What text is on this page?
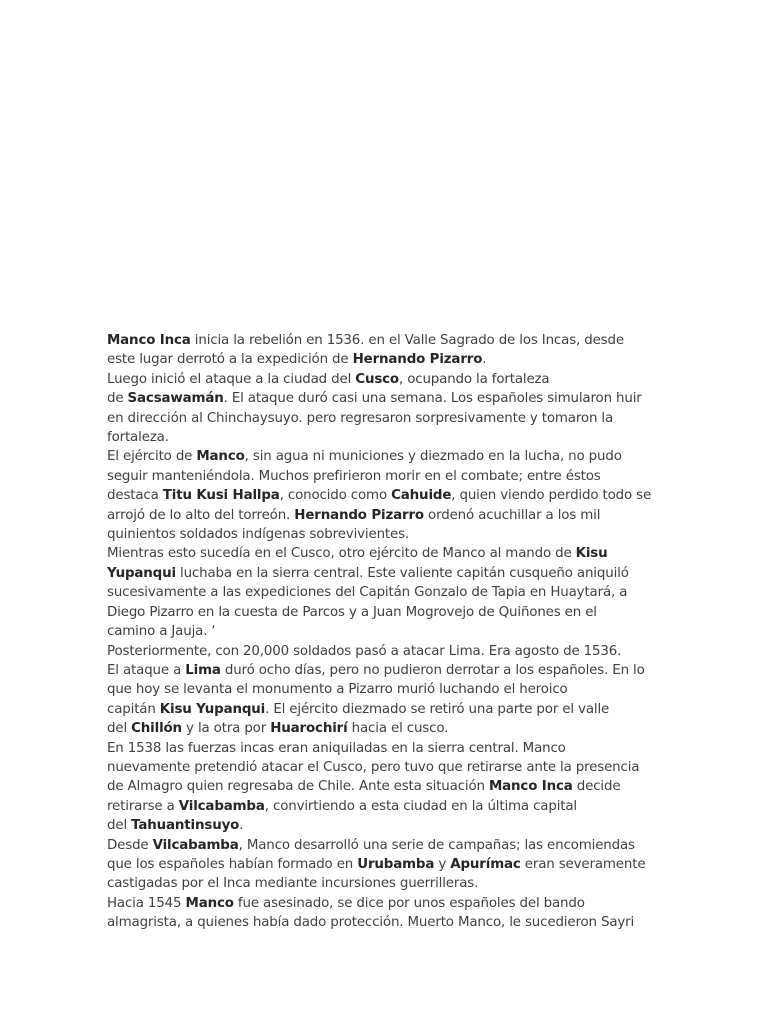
Manco Inca inicia la rebelión en 1536. en el Valle Sagrado de los Incas, desde
este lugar derrotó a la expedición de Hernando Pizarro.
Luego inició el ataque a la ciudad del Cusco, ocupando la fortaleza
de Sacsawamán. El ataque duró casi una semana. Los españoles simularon huir
en dirección al Chinchaysuyo. pero regresaron sorpresivamente y tomaron la
fortaleza.
El ejército de Manco, sin agua ni municiones y diezmado en la lucha, no pudo
seguir manteniéndola. Muchos prefirieron morir en el combate; entre éstos
destaca Titu Kusi Hallpa, conocido como Cahuide, quien viendo perdido todo se
arrojó de lo alto del torreón. Hernando Pizarro ordenó acuchillar a los mil
quinientos soldados indígenas sobrevivientes.
Mientras esto sucedía en el Cusco, otro ejército de Manco al mando de Kisu
Yupanqui luchaba en la sierra central. Este valiente capitán cusqueño aniquiló
sucesivamente a las expediciones del Capitán Gonzalo de Tapia en Huaytará, a
Diego Pizarro en la cuesta de Parcos y a Juan Mogrovejo de Quiñones en el
camino a Jauja. ‘
Posteriormente, con 20,000 soldados pasó a atacar Lima. Era agosto de 1536.
El ataque a Lima duró ocho días, pero no pudieron derrotar a los españoles. En lo
que hoy se levanta el monumento a Pizarro murió luchando el heroico
capitán Kisu Yupanqui. El ejército diezmado se retiró una parte por el valle
del Chillón y la otra por Huarochirí hacia el cusco.
En 1538 las fuerzas incas eran aniquiladas en la sierra central. Manco
nuevamente pretendió atacar el Cusco, pero tuvo que retirarse ante la presencia
de Almagro quien regresaba de Chile. Ante esta situación Manco Inca decide
retirarse a Vilcabamba, convirtiendo a esta ciudad en la última capital
del Tahuantinsuyo.
Desde Vilcabamba, Manco desarrolló una serie de campañas; las encomiendas
que los españoles habían formado en Urubamba y Apurímac eran severamente
castigadas por el Inca mediante incursiones guerrilleras.
Hacia 1545 Manco fue asesinado, se dice por unos españoles del bando
almagrista, a quienes había dado protección. Muerto Manco, le sucedieron Sayri
